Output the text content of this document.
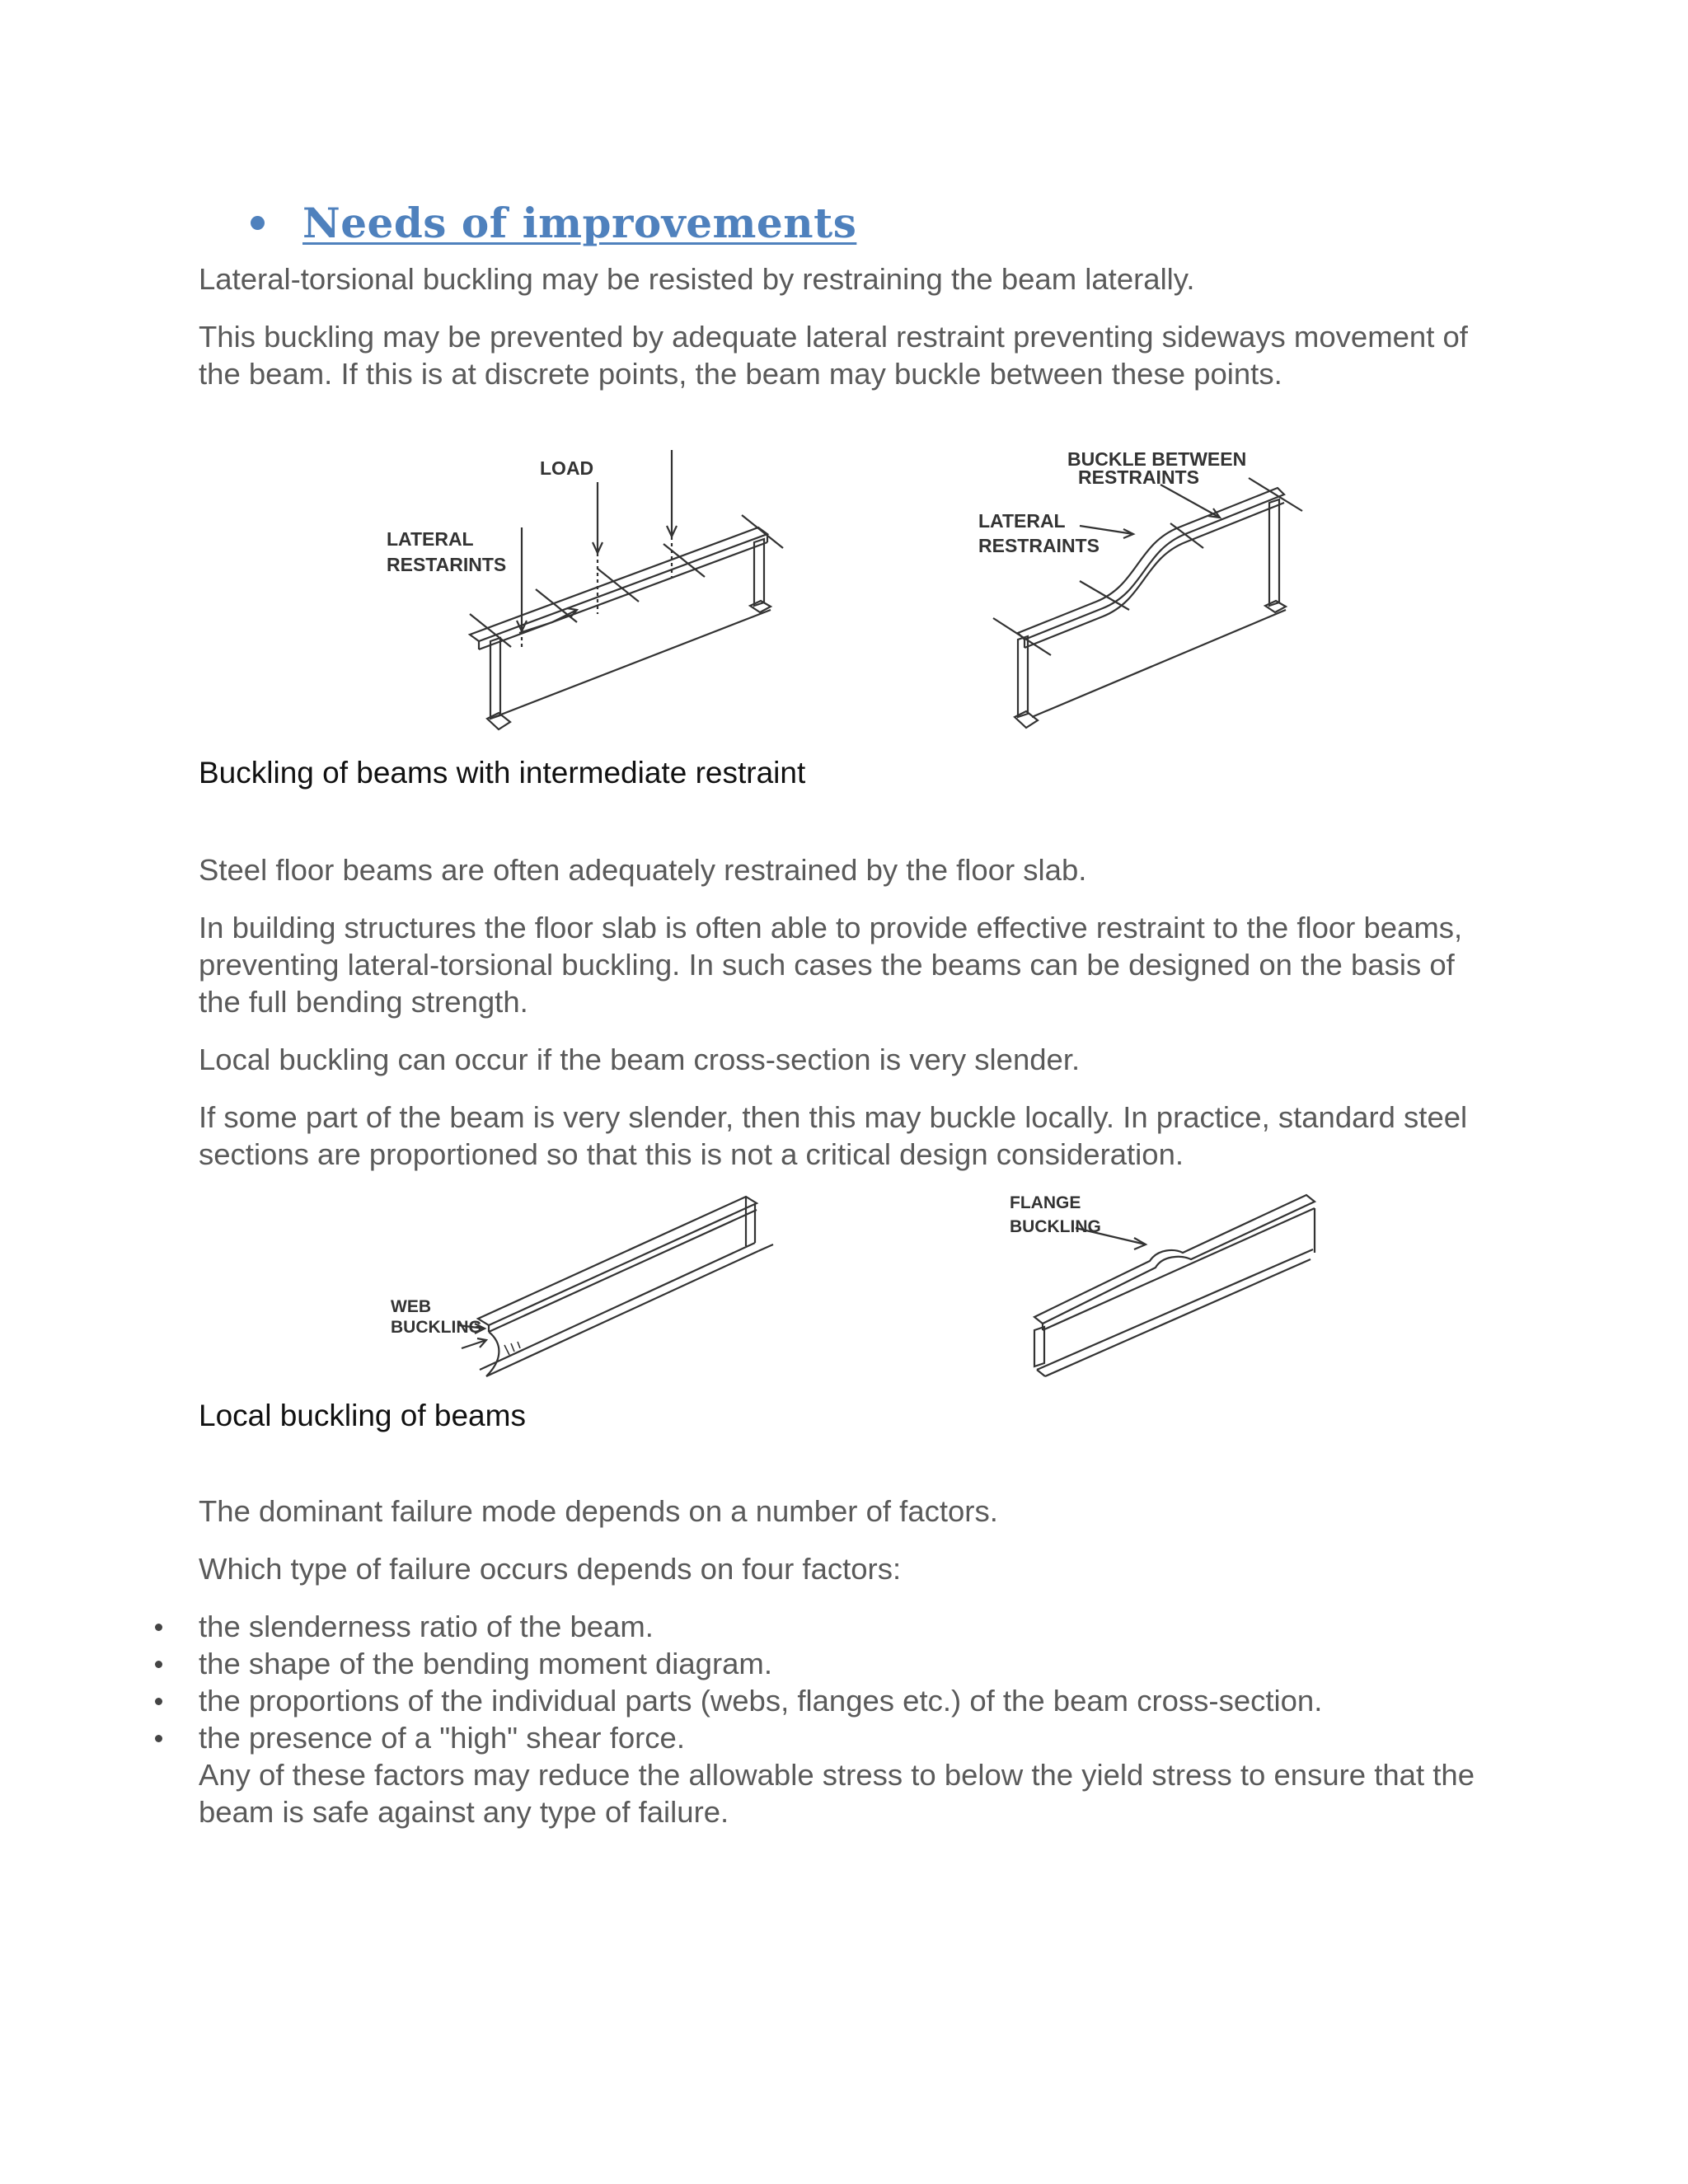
Needs of improvements

Lateral-torsional buckling may be resisted by restraining the beam laterally.

This buckling may be prevented by adequate lateral restraint preventing sideways movement of the beam. If this is at discrete points, the beam may buckle between these points.

LOAD
LATERAL
RESTARINTS
BUCKLE BETWEEN
RESTRAINTS
LATERAL
RESTRAINTS

Buckling of beams with intermediate restraint

Steel floor beams are often adequately restrained by the floor slab.

In building structures the floor slab is often able to provide effective restraint to the floor beams, preventing lateral-torsional buckling. In such cases the beams can be designed on the basis of the full bending strength.

Local buckling can occur if the beam cross-section is very slender.

If some part of the beam is very slender, then this may buckle locally. In practice, standard steel sections are proportioned so that this is not a critical design consideration.

WEB
BUCKLING
FLANGE
BUCKLING

Local buckling of beams

The dominant failure mode depends on a number of factors.

Which type of failure occurs depends on four factors:

the slenderness ratio of the beam.
the shape of the bending moment diagram.
the proportions of the individual parts (webs, flanges etc.) of the beam cross-section.
the presence of a "high" shear force.

Any of these factors may reduce the allowable stress to below the yield stress to ensure that the beam is safe against any type of failure.
